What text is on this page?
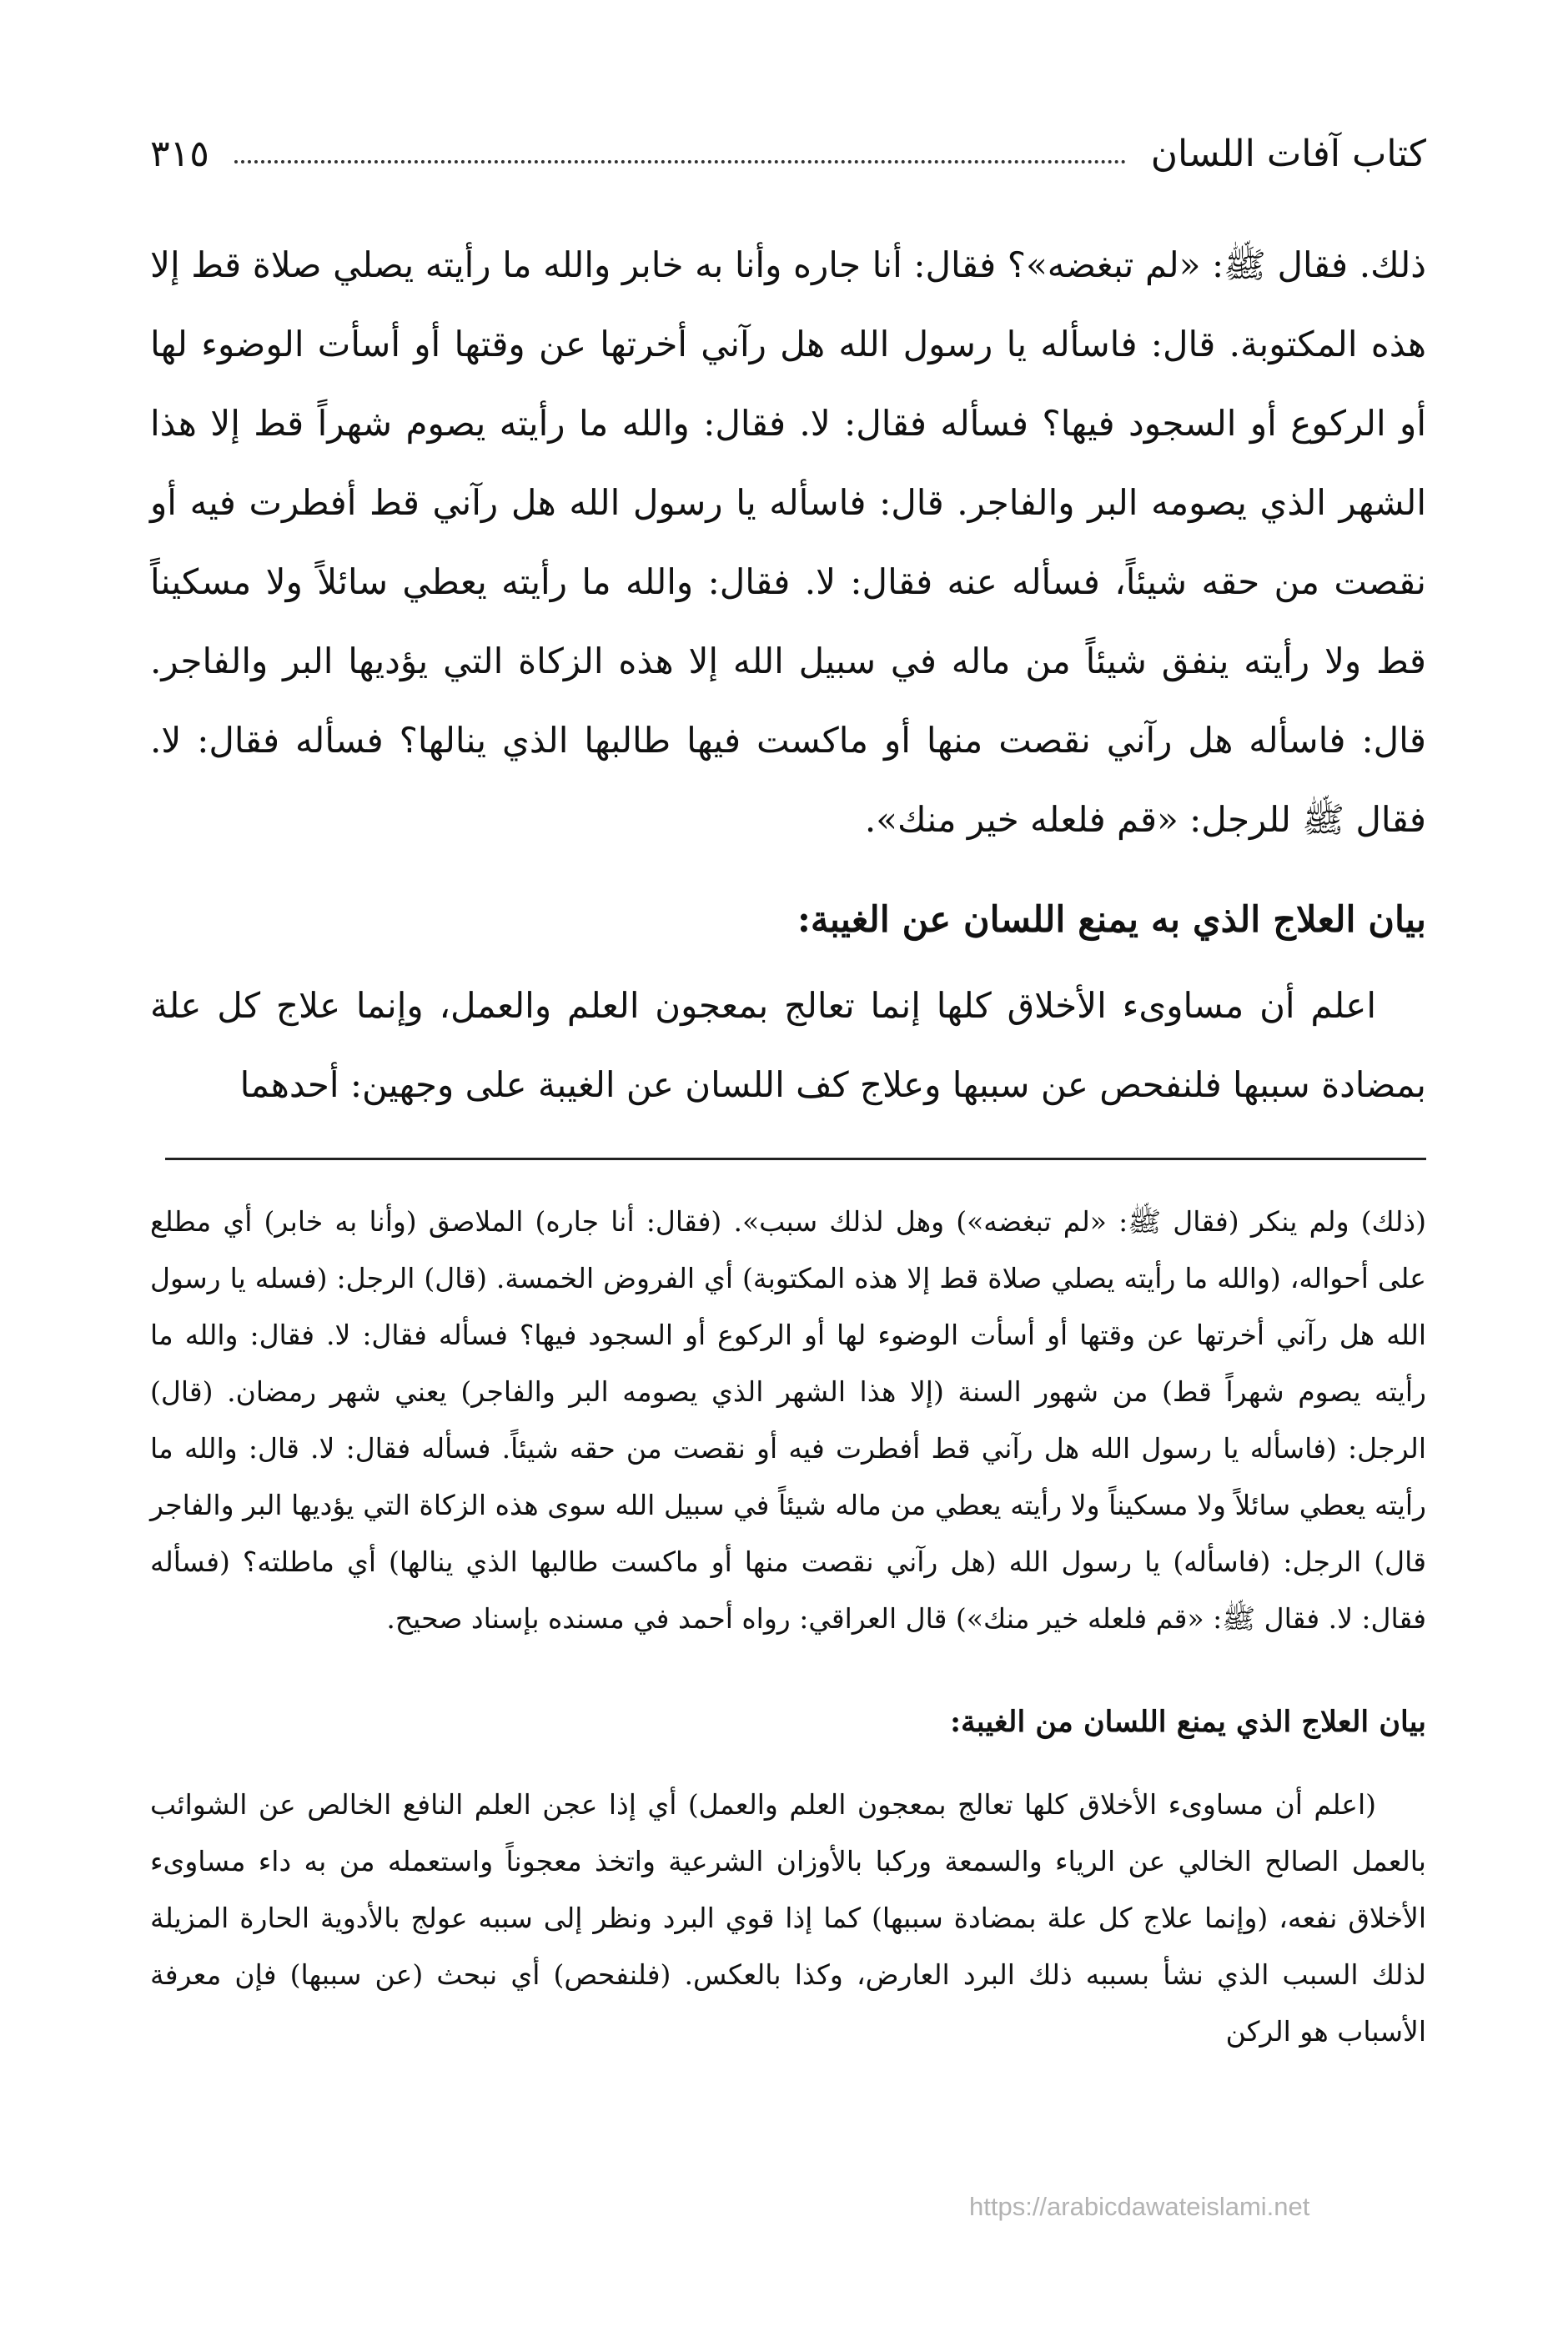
كتاب آفات اللسان
٣١٥

ذلك. فقال ﷺ: «لم تبغضه»؟ فقال: أنا جاره وأنا به خابر والله ما رأيته يصلي صلاة قط إلا هذه المكتوبة. قال: فاسأله يا رسول الله هل رآني أخرتها عن وقتها أو أسأت الوضوء لها أو الركوع أو السجود فيها؟ فسأله فقال: لا. فقال: والله ما رأيته يصوم شهراً قط إلا هذا الشهر الذي يصومه البر والفاجر. قال: فاسأله يا رسول الله هل رآني قط أفطرت فيه أو نقصت من حقه شيئاً، فسأله عنه فقال: لا. فقال: والله ما رأيته يعطي سائلاً ولا مسكيناً قط ولا رأيته ينفق شيئاً من ماله في سبيل الله إلا هذه الزكاة التي يؤديها البر والفاجر. قال: فاسأله هل رآني نقصت منها أو ماكست فيها طالبها الذي ينالها؟ فسأله فقال: لا. فقال ﷺ للرجل: «قم فلعله خير منك».

بيان العلاج الذي به يمنع اللسان عن الغيبة:

اعلم أن مساوىء الأخلاق كلها إنما تعالج بمعجون العلم والعمل، وإنما علاج كل علة بمضادة سببها فلنفحص عن سببها وعلاج كف اللسان عن الغيبة على وجهين: أحدهما

(ذلك) ولم ينكر (فقال ﷺ: «لم تبغضه») وهل لذلك سبب». (فقال: أنا جاره) الملاصق (وأنا به خابر) أي مطلع على أحواله، (والله ما رأيته يصلي صلاة قط إلا هذه المكتوبة) أي الفروض الخمسة. (قال) الرجل: (فسله يا رسول الله هل رآني أخرتها عن وقتها أو أسأت الوضوء لها أو الركوع أو السجود فيها؟ فسأله فقال: لا. فقال: والله ما رأيته يصوم شهراً قط) من شهور السنة (إلا هذا الشهر الذي يصومه البر والفاجر) يعني شهر رمضان. (قال) الرجل: (فاسأله يا رسول الله هل رآني قط أفطرت فيه أو نقصت من حقه شيئاً. فسأله فقال: لا. قال: والله ما رأيته يعطي سائلاً ولا مسكيناً ولا رأيته يعطي من ماله شيئاً في سبيل الله سوى هذه الزكاة التي يؤديها البر والفاجر قال) الرجل: (فاسأله) يا رسول الله (هل رآني نقصت منها أو ماكست طالبها الذي ينالها) أي ماطلته؟ (فسأله فقال: لا. فقال ﷺ: «قم فلعله خير منك») قال العراقي: رواه أحمد في مسنده بإسناد صحيح.

بيان العلاج الذي يمنع اللسان من الغيبة:

(اعلم أن مساوىء الأخلاق كلها تعالج بمعجون العلم والعمل) أي إذا عجن العلم النافع الخالص عن الشوائب بالعمل الصالح الخالي عن الرياء والسمعة وركبا بالأوزان الشرعية واتخذ معجوناً واستعمله من به داء مساوىء الأخلاق نفعه، (وإنما علاج كل علة بمضادة سببها) كما إذا قوي البرد ونظر إلى سببه عولج بالأدوية الحارة المزيلة لذلك السبب الذي نشأ بسببه ذلك البرد العارض، وكذا بالعكس. (فلنفحص) أي نبحث (عن سببها) فإن معرفة الأسباب هو الركن

https://arabicdawateislami.net
